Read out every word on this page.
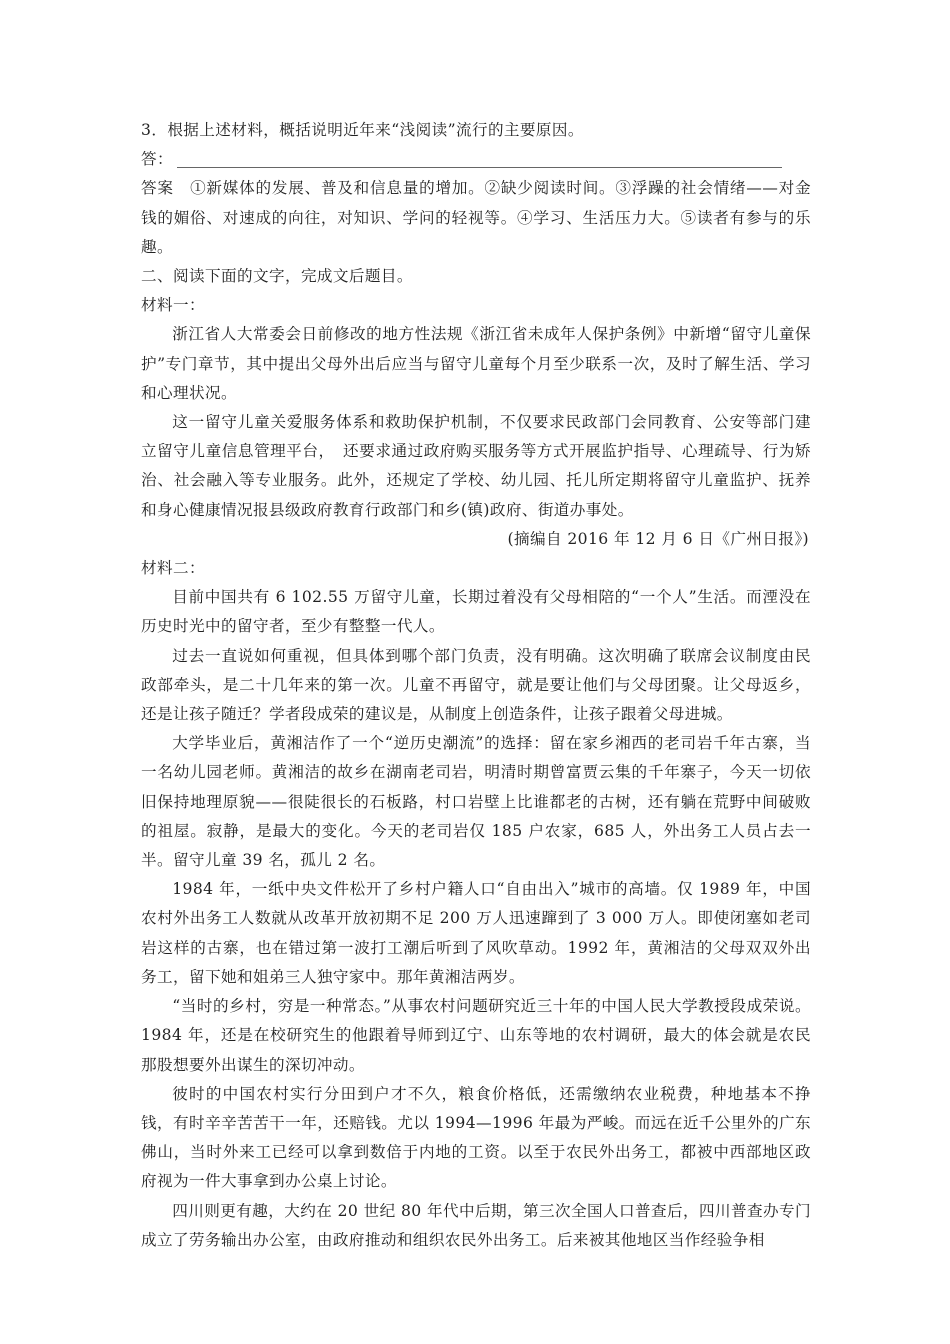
3．根据上述材料，概括说明近年来“浅阅读”流行的主要原因。

答：

答案　①新媒体的发展、普及和信息量的增加。②缺少阅读时间。③浮躁的社会情绪——对金钱的媚俗、对速成的向往，对知识、学问的轻视等。④学习、生活压力大。⑤读者有参与的乐趣。

二、阅读下面的文字，完成文后题目。

材料一：

浙江省人大常委会日前修改的地方性法规《浙江省未成年人保护条例》中新增“留守儿童保护”专门章节，其中提出父母外出后应当与留守儿童每个月至少联系一次，及时了解生活、学习和心理状况。

这一留守儿童关爱服务体系和救助保护机制，不仅要求民政部门会同教育、公安等部门建立留守儿童信息管理平台，　还要求通过政府购买服务等方式开展监护指导、心理疏导、行为矫治、社会融入等专业服务。此外，还规定了学校、幼儿园、托儿所定期将留守儿童监护、抚养和身心健康情况报县级政府教育行政部门和乡(镇)政府、街道办事处。

(摘编自 2016 年 12 月 6 日《广州日报》)

材料二：

目前中国共有 6 102.55 万留守儿童，长期过着没有父母相陪的“一个人”生活。而湮没在历史时光中的留守者，至少有整整一代人。

过去一直说如何重视，但具体到哪个部门负责，没有明确。这次明确了联席会议制度由民政部牵头，是二十几年来的第一次。儿童不再留守，就是要让他们与父母团聚。让父母返乡，还是让孩子随迁？学者段成荣的建议是，从制度上创造条件，让孩子跟着父母进城。

大学毕业后，黄湘洁作了一个“逆历史潮流”的选择：留在家乡湘西的老司岩千年古寨，当一名幼儿园老师。黄湘洁的故乡在湖南老司岩，明清时期曾富贾云集的千年寨子，今天一切依旧保持地理原貌——很陡很长的石板路，村口岩壁上比谁都老的古树，还有躺在荒野中间破败的祖屋。寂静，是最大的变化。今天的老司岩仅 185 户农家，685 人，外出务工人员占去一半。留守儿童 39 名，孤儿 2 名。

1984 年，一纸中央文件松开了乡村户籍人口“自由出入”城市的高墙。仅 1989 年，中国农村外出务工人数就从改革开放初期不足 200 万人迅速蹿到了 3 000 万人。即使闭塞如老司岩这样的古寨，也在错过第一波打工潮后听到了风吹草动。1992 年，黄湘洁的父母双双外出务工，留下她和姐弟三人独守家中。那年黄湘洁两岁。

“当时的乡村，穷是一种常态。”从事农村问题研究近三十年的中国人民大学教授段成荣说。1984 年，还是在校研究生的他跟着导师到辽宁、山东等地的农村调研，最大的体会就是农民那股想要外出谋生的深切冲动。

彼时的中国农村实行分田到户才不久，粮食价格低，还需缴纳农业税费，种地基本不挣钱，有时辛辛苦苦干一年，还赔钱。尤以 1994—1996 年最为严峻。而远在近千公里外的广东佛山，当时外来工已经可以拿到数倍于内地的工资。以至于农民外出务工，都被中西部地区政府视为一件大事拿到办公桌上讨论。

四川则更有趣，大约在 20 世纪 80 年代中后期，第三次全国人口普查后，四川普查办专门成立了劳务输出办公室，由政府推动和组织农民外出务工。后来被其他地区当作经验争相
